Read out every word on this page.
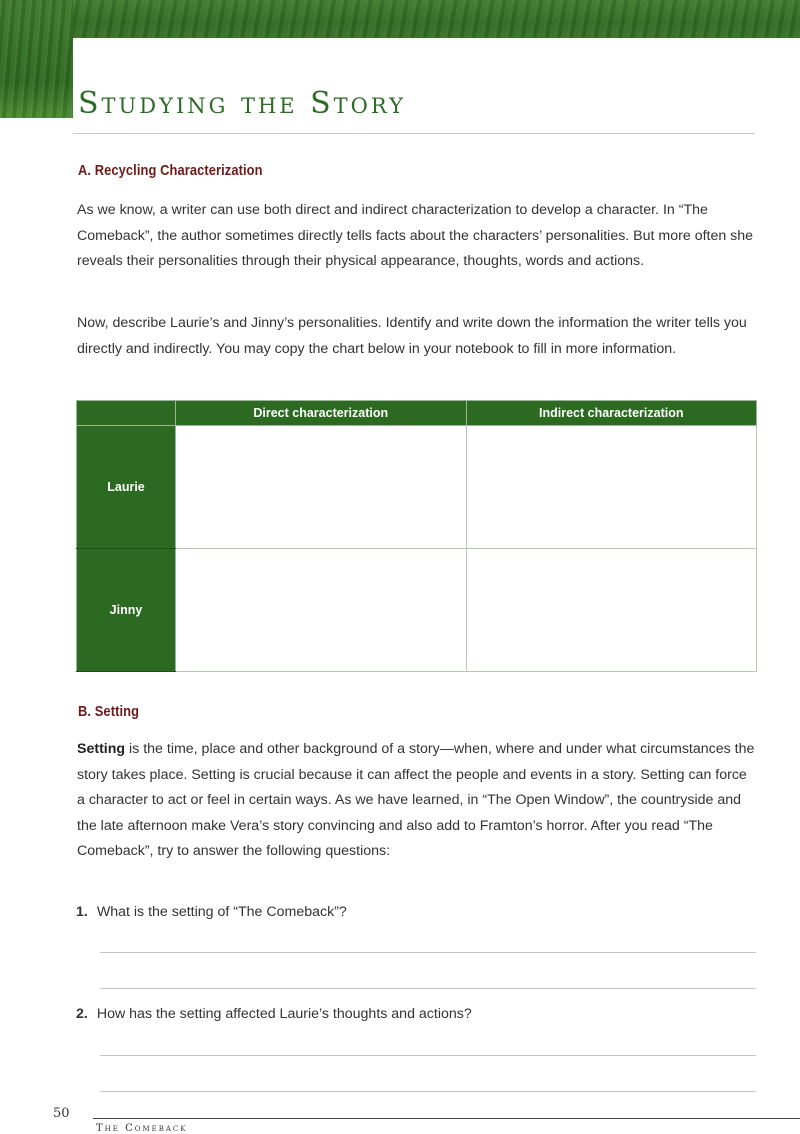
Studying the Story
A. Recycling Characterization

As we know, a writer can use both direct and indirect characterization to develop a character. In “The Comeback”, the author sometimes directly tells facts about the characters’ personalities. But more often she reveals their personalities through their physical appearance, thoughts, words and actions.

Now, describe Laurie’s and Jinny’s personalities. Identify and write down the information the writer tells you directly and indirectly. You may copy the chart below in your notebook to fill in more information.

	Direct characterization	Indirect characterization
Laurie		
Jinny		
B. Setting

Setting is the time, place and other background of a story—when, where and under what circumstances the story takes place. Setting is crucial because it can affect the people and events in a story. Setting can force a character to act or feel in certain ways. As we have learned, in “The Open Window”, the countryside and the late afternoon make Vera’s story convincing and also add to Framton’s horror. After you read “The Comeback”, try to answer the following questions:

1. What is the setting of “The Comeback”?

2. How has the setting affected Laurie’s thoughts and actions?

50

The Comeback
